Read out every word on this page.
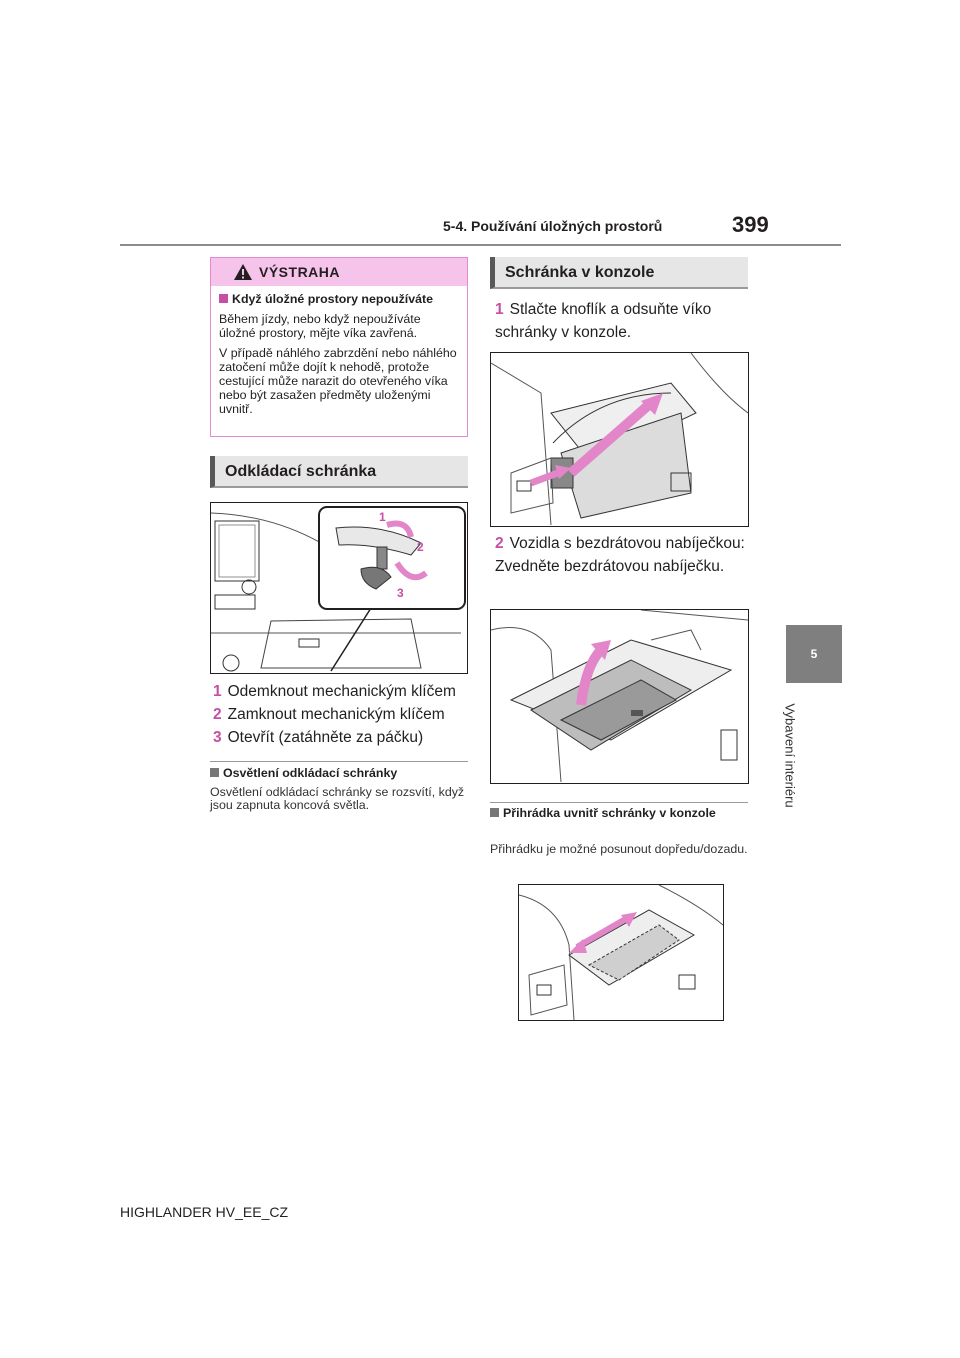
5-4. Používání úložných prostorů	399
5
Vybavení interiéru
VÝSTRAHA

Když úložné prostory nepoužíváte

Během jízdy, nebo když nepoužíváte úložné prostory, mějte víka zavřená.

V případě náhlého zabrzdění nebo náhlého zatočení může dojít k nehodě, protože cestující může narazit do otevřeného víka nebo být zasažen předměty uloženými uvnitř.

Odkládací schránka
1
2
3
1 Odemknout mechanickým klíčem
2 Zamknout mechanickým klíčem
3 Otevřít (zatáhněte za páčku)
Osvětlení odkládací schránky
Osvětlení odkládací schránky se rozsvítí, když jsou zapnuta koncová světla.
Schránka v konzole
1 Stlačte knoflík a odsuňte víko schránky v konzole.
2 Vozidla s bezdrátovou nabíječkou: Zvedněte bezdrátovou nabíječku.
Přihrádka uvnitř schránky v konzole
Přihrádku je možné posunout dopředu/dozadu.
HIGHLANDER HV_EE_CZ
